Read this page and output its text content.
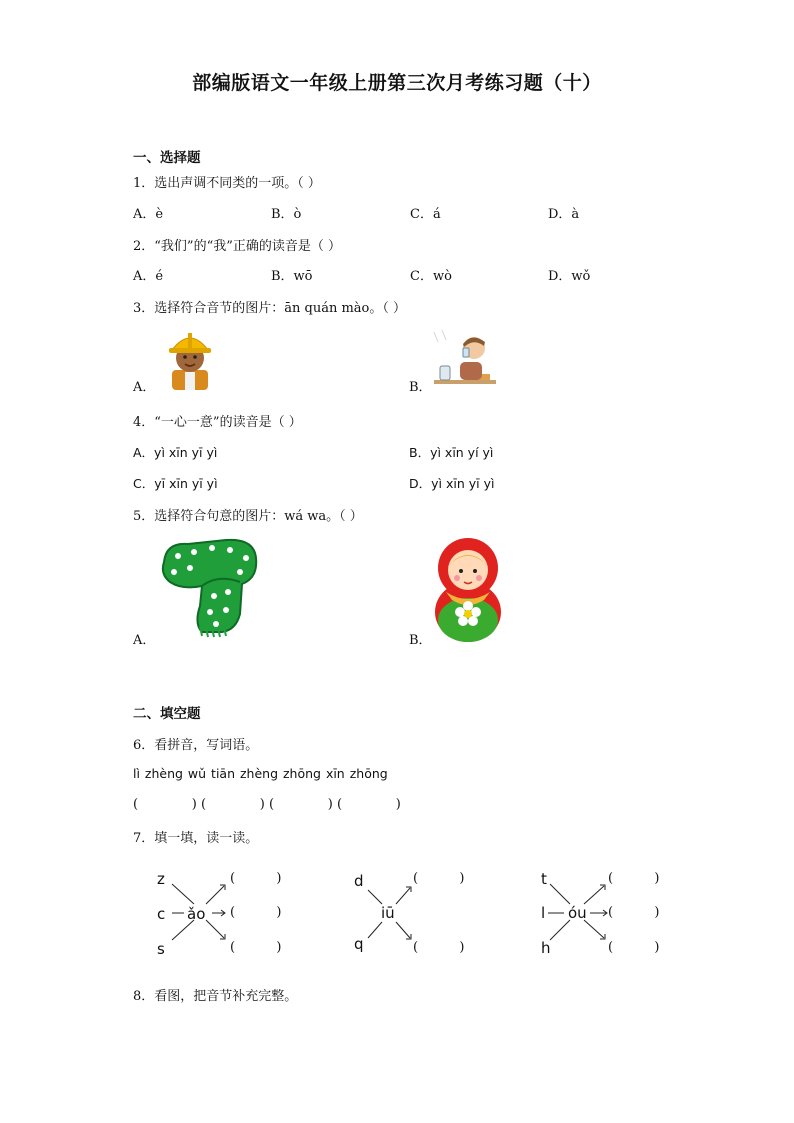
部编版语文一年级上册第三次月考练习题（十）
一、选择题
1．选出声调不同类的一项。（ ）
A．è	B．ò	C．á	D．à
2．“我们”的“我”正确的读音是（ ）
A．é	B．wō	C．wò	D．wǒ
3．选择符合音节的图片：ān quán mào。（ ）
A．	B．
4．“一心一意”的读音是（ ）
A．yì xīn yī yì	B．yì xīn yí yì
C．yī xīn yī yì	D．yì xīn yī yì
5．选择符合句意的图片：wá wa。（ ）
A．	B．
二、填空题
6．看拼音，写词语。
lì zhèng wǔ tiān zhèng zhōng xīn zhōng
(             ) (             ) (             ) (             )
7．填一填，读一读。
z
c
s
ǎo
(          )
(          )
(          )
d
q
iū
(          )
(          )
t
l
h
óu
(          )
(          )
(          )
8．看图，把音节补充完整。
